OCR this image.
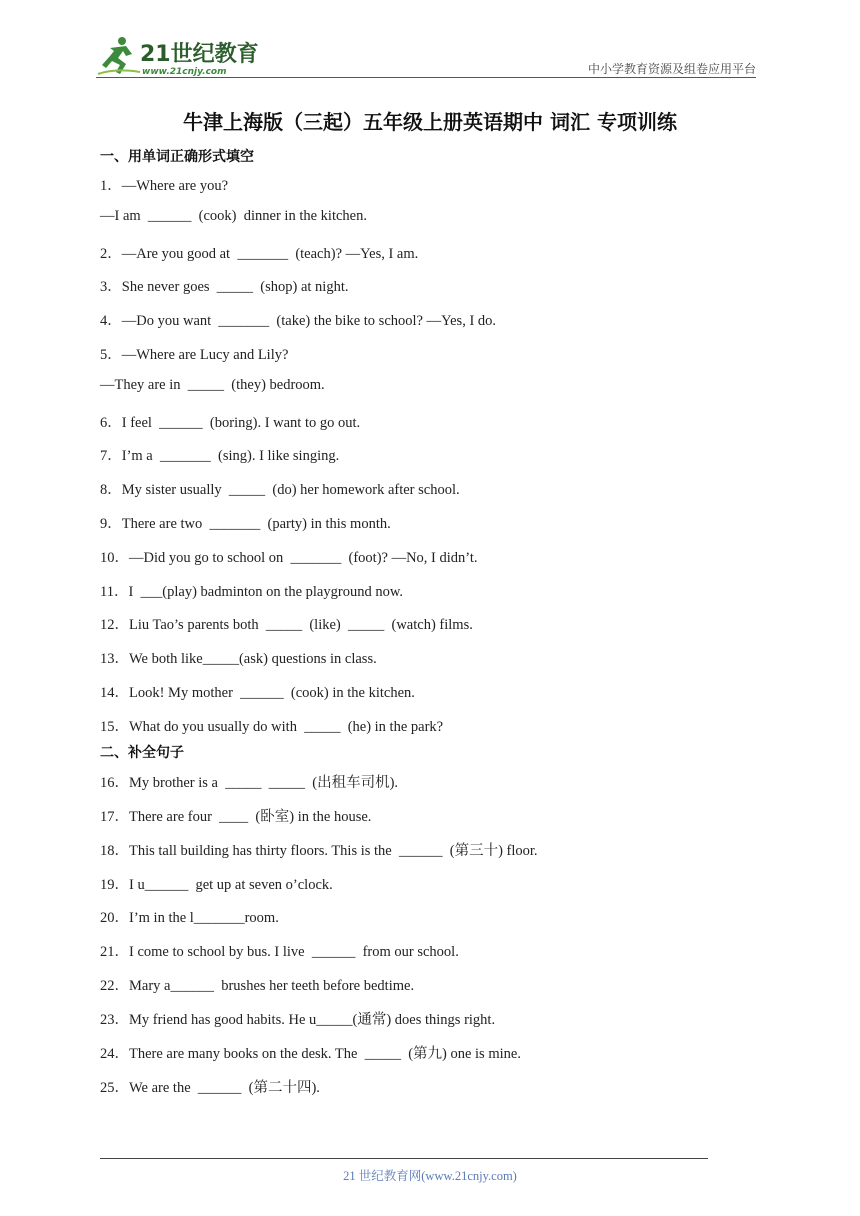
21世纪教育
www.21cnjy.com	中小学教育资源及组卷应用平台
牛津上海版（三起）五年级上册英语期中 词汇 专项训练
一、用单词正确形式填空
1．—Where are you?
—I am  ______  (cook)  dinner in the kitchen.
2．—Are you good at  _______  (teach)? —Yes, I am.
3．She never goes  _____  (shop) at night.
4．—Do you want  _______  (take) the bike to school? —Yes, I do.
5．—Where are Lucy and Lily?
—They are in  _____  (they) bedroom.
6．I feel  ______  (boring). I want to go out.
7．I’m a  _______  (sing). I like singing.
8．My sister usually  _____  (do) her homework after school.
9．There are two  _______  (party) in this month.
10．—Did you go to school on  _______  (foot)? —No, I didn’t.
11．I  ___(play) badminton on the playground now.
12．Liu Tao’s parents both  _____  (like)  _____  (watch) films.
13．We both like_____(ask) questions in class.
14．Look! My mother  ______  (cook) in the kitchen.
15．What do you usually do with  _____  (he) in the park?
二、补全句子
16．My brother is a  _____  _____  (出租车司机).
17．There are four  ____  (卧室) in the house.
18．This tall building has thirty floors. This is the  ______  (第三十) floor.
19．I u______  get up at seven o’clock.
20．I’m in the l_______room.
21．I come to school by bus. I live  ______  from our school.
22．Mary a______  brushes her teeth before bedtime.
23．My friend has good habits. He u_____(通常) does things right.
24．There are many books on the desk. The  _____  (第九) one is mine.
25．We are the  ______  (第二十四).
21 世纪教育网(www.21cnjy.com)
